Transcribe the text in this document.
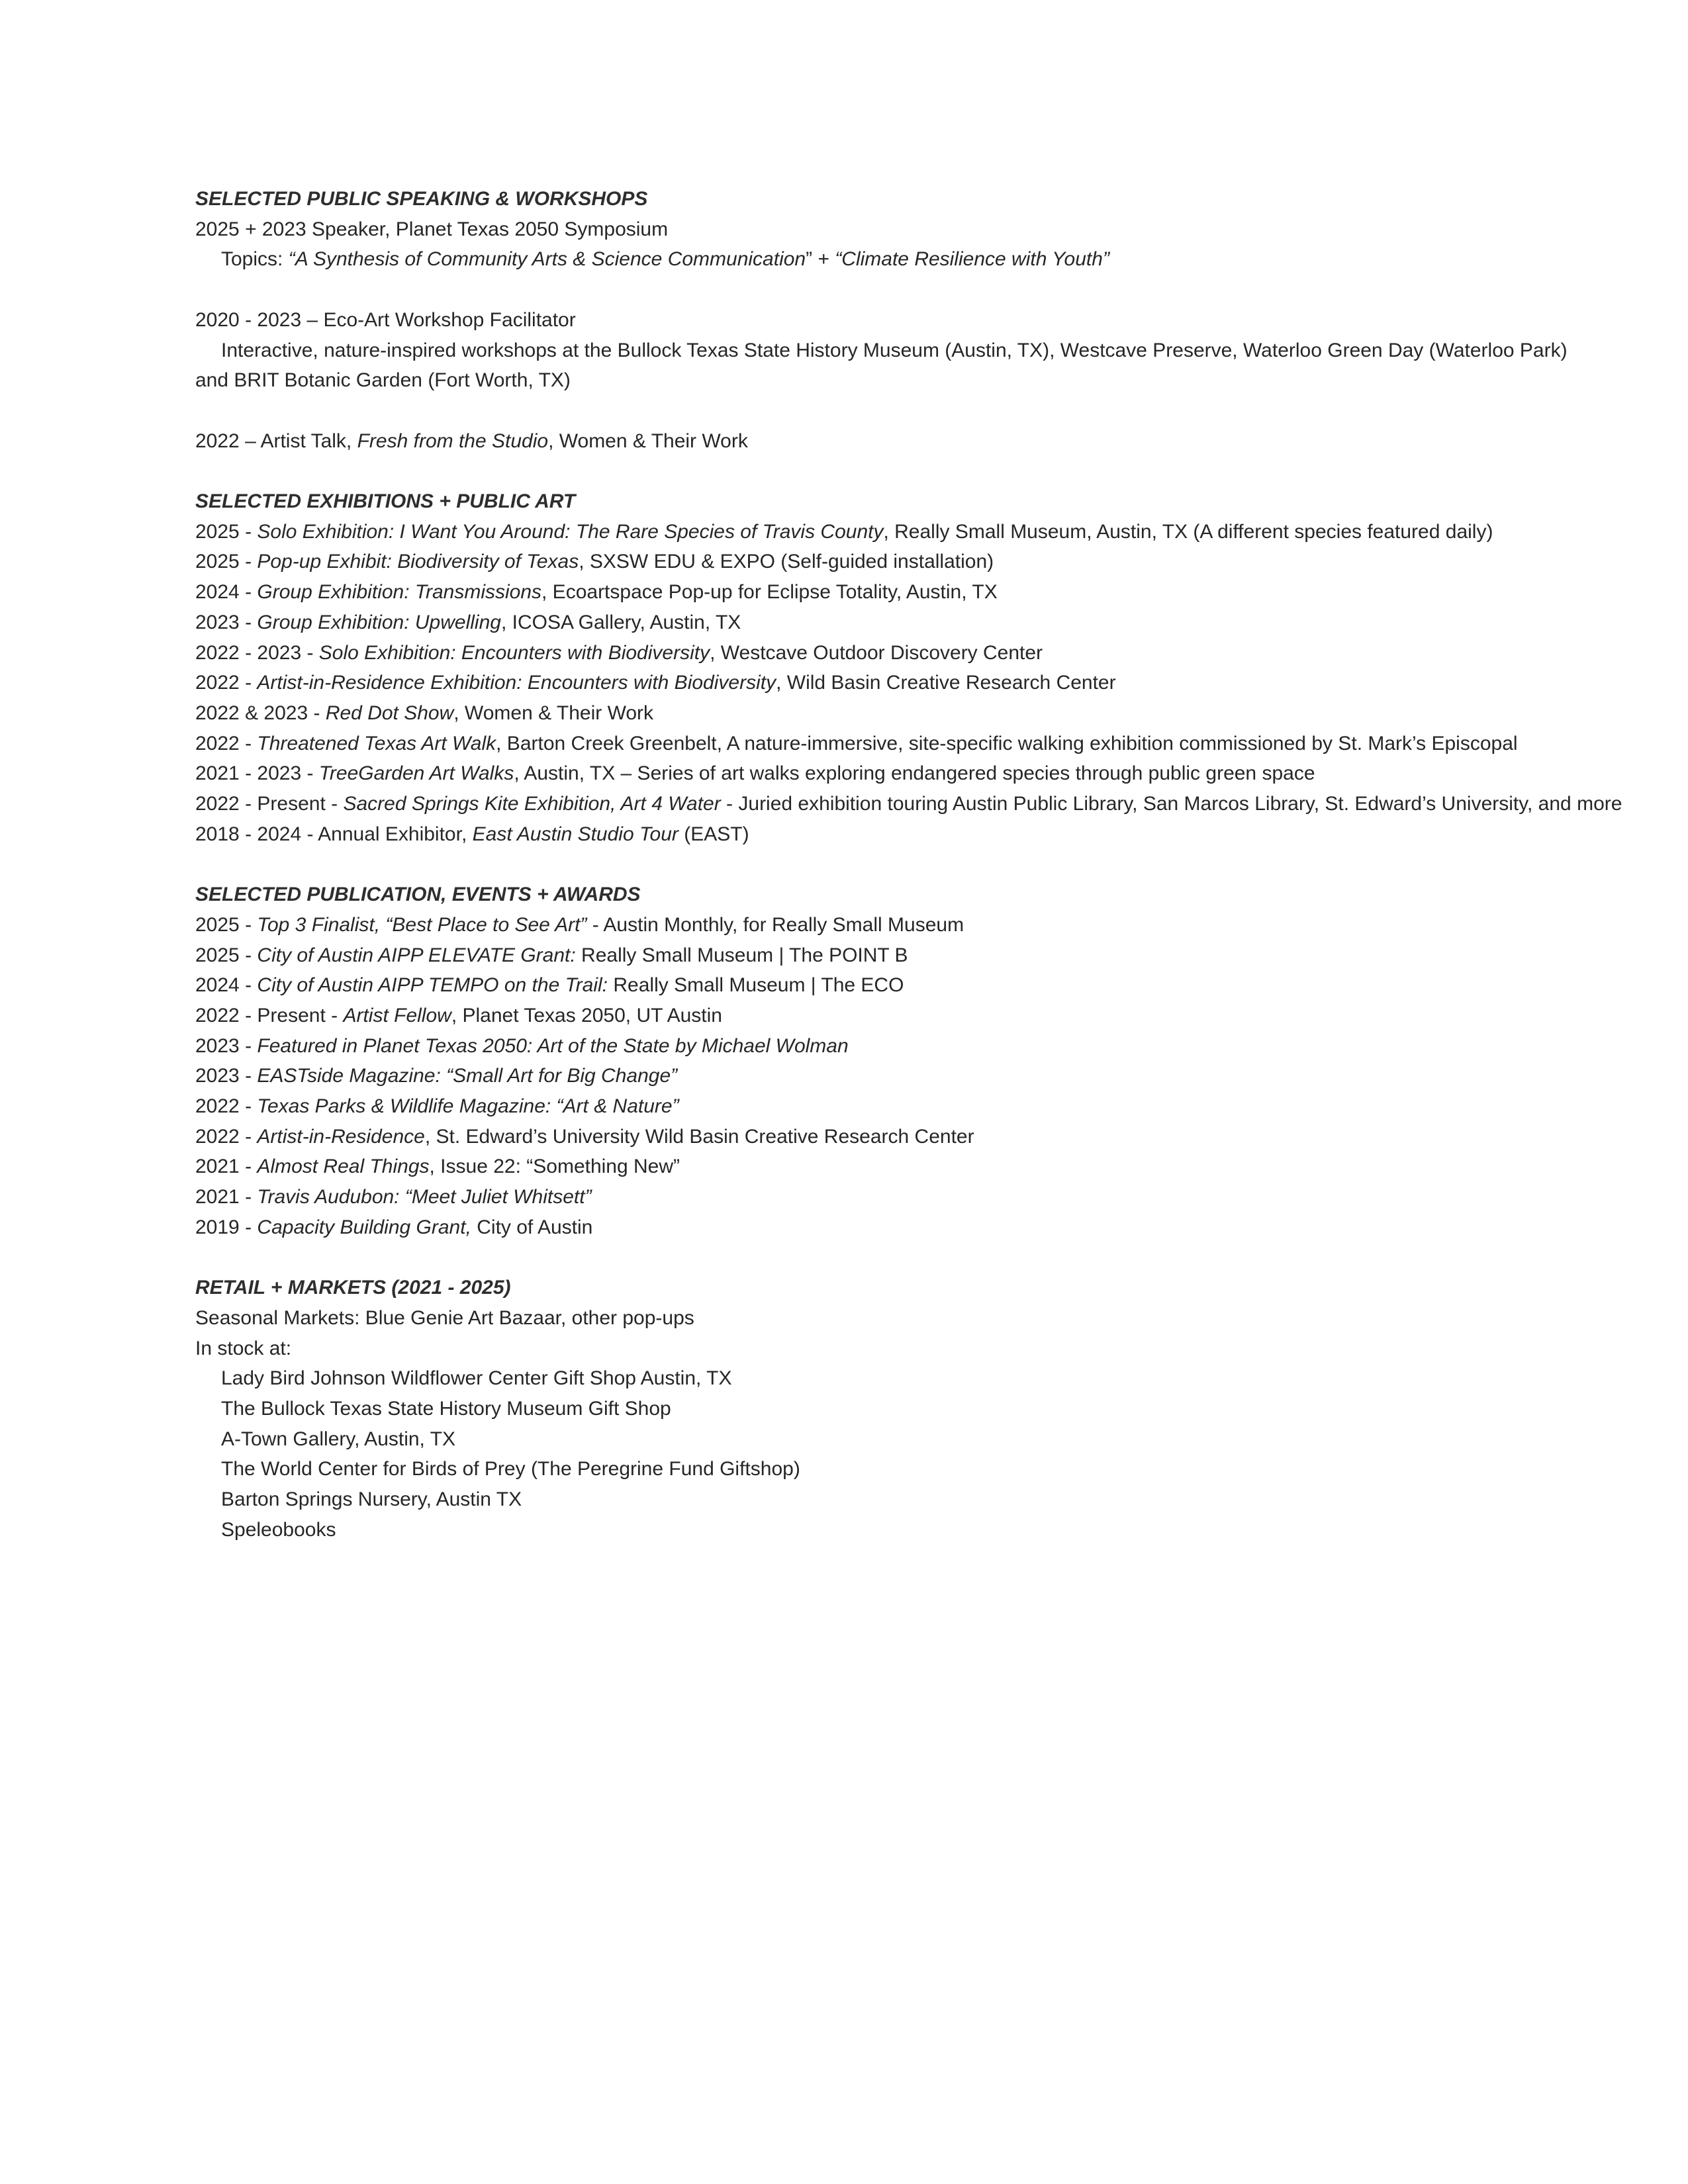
SELECTED PUBLIC SPEAKING & WORKSHOPS

2025 + 2023 Speaker, Planet Texas 2050 Symposium

Topics: “A Synthesis of Community Arts & Science Communication” + “Climate Resilience with Youth”

2020 - 2023 – Eco-Art Workshop Facilitator

Interactive, nature-inspired workshops at the Bullock Texas State History Museum (Austin, TX), Westcave Preserve, Waterloo Green Day (Waterloo Park) and BRIT Botanic Garden (Fort Worth, TX)

2022 – Artist Talk, Fresh from the Studio, Women & Their Work

SELECTED EXHIBITIONS + PUBLIC ART

2025 - Solo Exhibition: I Want You Around: The Rare Species of Travis County, Really Small Museum, Austin, TX (A different species featured daily)

2025 - Pop-up Exhibit: Biodiversity of Texas, SXSW EDU & EXPO (Self-guided installation)

2024 - Group Exhibition: Transmissions, Ecoartspace Pop-up for Eclipse Totality, Austin, TX

2023 - Group Exhibition: Upwelling, ICOSA Gallery, Austin, TX

2022 - 2023 - Solo Exhibition: Encounters with Biodiversity, Westcave Outdoor Discovery Center

2022 - Artist-in-Residence Exhibition: Encounters with Biodiversity, Wild Basin Creative Research Center

2022 & 2023 - Red Dot Show, Women & Their Work

2022 - Threatened Texas Art Walk, Barton Creek Greenbelt, A nature-immersive, site-specific walking exhibition commissioned by St. Mark’s Episcopal

2021 - 2023 - TreeGarden Art Walks, Austin, TX – Series of art walks exploring endangered species through public green space

2022 - Present - Sacred Springs Kite Exhibition, Art 4 Water - Juried exhibition touring Austin Public Library, San Marcos Library, St. Edward’s University, and more

2018 - 2024 - Annual Exhibitor, East Austin Studio Tour (EAST)

SELECTED PUBLICATION, EVENTS + AWARDS

2025 - Top 3 Finalist, “Best Place to See Art” - Austin Monthly, for Really Small Museum

2025 - City of Austin AIPP ELEVATE Grant: Really Small Museum | The POINT B

2024 - City of Austin AIPP TEMPO on the Trail: Really Small Museum | The ECO

2022 - Present - Artist Fellow, Planet Texas 2050, UT Austin

2023 - Featured in Planet Texas 2050: Art of the State by Michael Wolman

2023 - EASTside Magazine: “Small Art for Big Change”

2022 - Texas Parks & Wildlife Magazine: “Art & Nature”

2022 - Artist-in-Residence, St. Edward’s University Wild Basin Creative Research Center

2021 - Almost Real Things, Issue 22: “Something New”

2021 - Travis Audubon: “Meet Juliet Whitsett”

2019 - Capacity Building Grant, City of Austin

RETAIL + MARKETS (2021 - 2025)

Seasonal Markets: Blue Genie Art Bazaar, other pop-ups

In stock at:

Lady Bird Johnson Wildflower Center Gift Shop Austin, TX

The Bullock Texas State History Museum Gift Shop

A-Town Gallery, Austin, TX

The World Center for Birds of Prey (The Peregrine Fund Giftshop)

Barton Springs Nursery, Austin TX

Speleobooks
